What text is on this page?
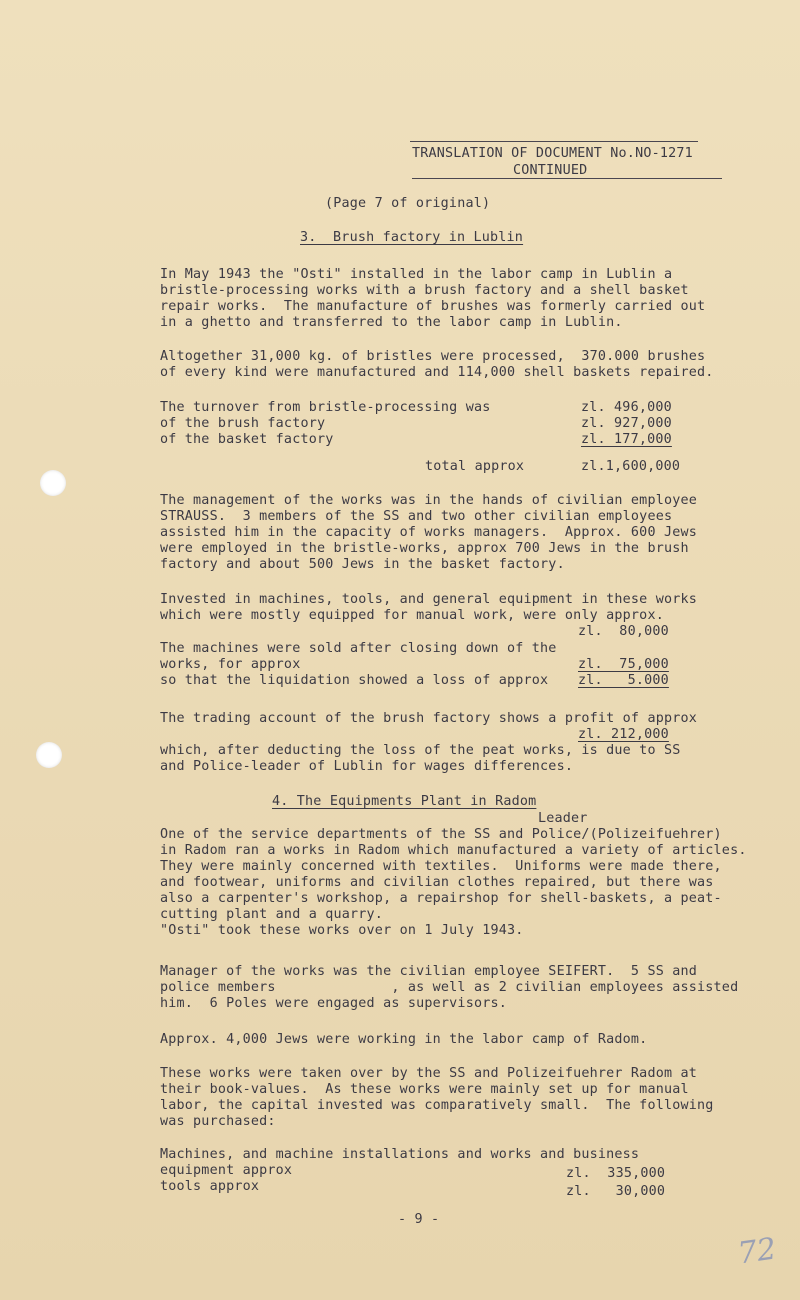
TRANSLATION OF DOCUMENT No.NO-1271
CONTINUED
(Page 7 of original)
3.  Brush factory in Lublin
In May 1943 the "Osti" installed in the labor camp in Lublin a
bristle-processing works with a brush factory and a shell basket
repair works.  The manufacture of brushes was formerly carried out
in a ghetto and transferred to the labor camp in Lublin.
Altogether 31,000 kg. of bristles were processed,  370.000 brushes
of every kind were manufactured and 114,000 shell baskets repaired.
The turnover from bristle-processing was	zl. 496,000
of the brush factory	zl. 927,000
of the basket factory	zl. 177,000
total approx	zl.1,600,000
The management of the works was in the hands of civilian employee
STRAUSS.  3 members of the SS and two other civilian employees
assisted him in the capacity of works managers.  Approx. 600 Jews
were employed in the bristle-works, approx 700 Jews in the brush
factory and about 500 Jews in the basket factory.
Invested in machines, tools, and general equipment in these works
which were mostly equipped for manual work, were only approx.
zl.  80,000
The machines were sold after closing down of the
works, for approx	zl.  75,000
so that the liquidation showed a loss of approx zl.   5.000
The trading account of the brush factory shows a profit of approx
zl. 212,000
which, after deducting the loss of the peat works, is due to SS
and Police-leader of Lublin for wages differences.
4. The Equipments Plant in Radom
Leader
One of the service departments of the SS and Police/(Polizeifuehrer)
in Radom ran a works in Radom which manufactured a variety of articles.
They were mainly concerned with textiles.  Uniforms were made there,
and footwear, uniforms and civilian clothes repaired, but there was
also a carpenter's workshop, a repairshop for shell-baskets, a peat-
cutting plant and a quarry.
"Osti" took these works over on 1 July 1943.
Manager of the works was the civilian employee SEIFERT.  5 SS and
police members              , as well as 2 civilian employees assisted
him.  6 Poles were engaged as supervisors.
Approx. 4,000 Jews were working in the labor camp of Radom.
These works were taken over by the SS and Polizeifuehrer Radom at
their book-values.  As these works were mainly set up for manual
labor, the capital invested was comparatively small.  The following
was purchased:
Machines, and machine installations and works and business
equipment approx	zl.  335,000
tools approx	zl.   30,000
- 9 -
72
